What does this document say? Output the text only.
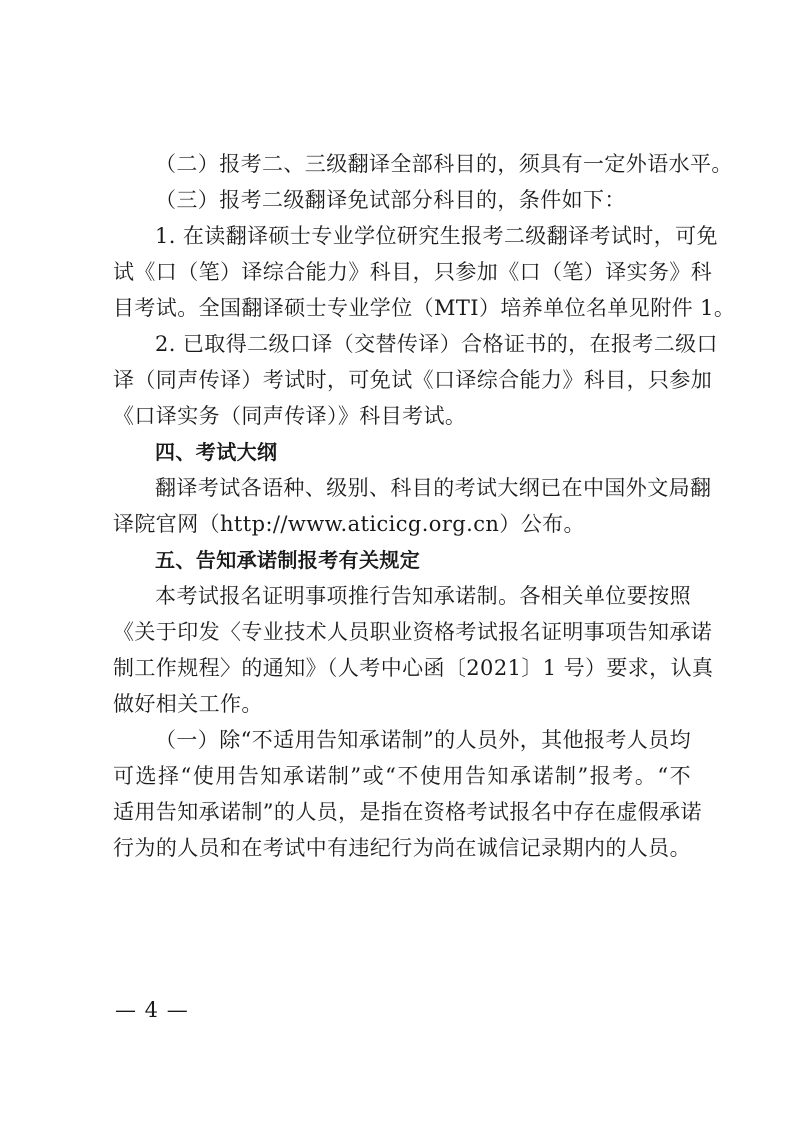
（二）报考二、三级翻译全部科目的，须具有一定外语水平。
（三）报考二级翻译免试部分科目的，条件如下：
1. 在读翻译硕士专业学位研究生报考二级翻译考试时，可免
试《口（笔）译综合能力》科目，只参加《口（笔）译实务》科
目考试。全国翻译硕士专业学位（MTI）培养单位名单见附件 1。
2. 已取得二级口译（交替传译）合格证书的，在报考二级口
译（同声传译）考试时，可免试《口译综合能力》科目，只参加
《口译实务（同声传译）》科目考试。
四、考试大纲
翻译考试各语种、级别、科目的考试大纲已在中国外文局翻
译院官网（http://www.aticicg.org.cn）公布。
五、告知承诺制报考有关规定
本考试报名证明事项推行告知承诺制。各相关单位要按照
《关于印发〈专业技术人员职业资格考试报名证明事项告知承诺
制工作规程〉的通知》（人考中心函〔2021〕1 号）要求，认真
做好相关工作。
（一）除“不适用告知承诺制”的人员外，其他报考人员均
可选择“使用告知承诺制”或“不使用告知承诺制”报考。“不
适用告知承诺制”的人员，是指在资格考试报名中存在虚假承诺
行为的人员和在考试中有违纪行为尚在诚信记录期内的人员。
— 4 —
